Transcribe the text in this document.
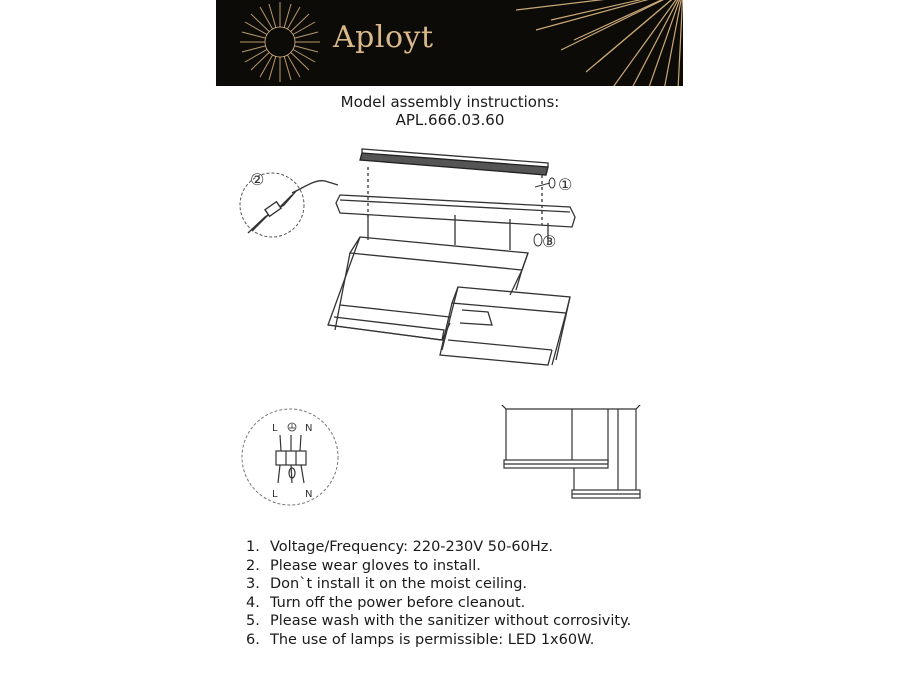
Aployt
Model assembly instructions:
APL.666.03.60
①
③
②
L	N
L	N
1. Voltage/Frequency: 220-230V 50-60Hz.
2. Please wear gloves to install.
3. Don`t install it on the moist ceiling.
4. Turn off the power before cleanout.
5. Please wash with the sanitizer without corrosivity.
6. The use of lamps is permissible: LED 1x60W.
